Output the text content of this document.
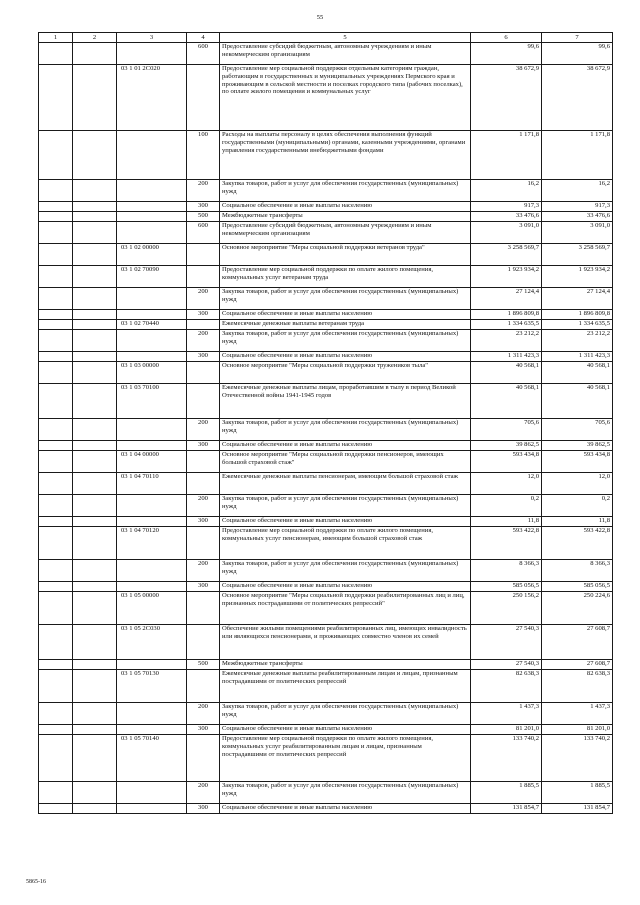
55
1	2	3	4	5	6	7
			600	Предоставление субсидий бюджетным, автономным учреждениям и иным некоммерческим организациям	99,6	99,6
		03 1 01 2С020		Предоставление мер социальной поддержки отдельным категориям граждан, работающим в государственных и муниципальных учреждениях Пермского края и проживающим в сельской местности и поселках городского типа (рабочих поселках), по оплате жилого помещения и коммунальных услуг	38 672,9	38 672,9
			100	Расходы на выплаты персоналу в целях обеспечения выполнения функций государственными (муниципальными) органами, казенными учреждениями, органами управления государственными внебюджетными фондами	1 171,8	1 171,8
			200	Закупка товаров, работ и услуг для обеспечения государственных (муниципальных) нужд	16,2	16,2
			300	Социальное обеспечение и иные выплаты населению	917,3	917,3
			500	Межбюджетные трансферты	33 476,6	33 476,6
			600	Предоставление субсидий бюджетным, автономным учреждениям и иным некоммерческим организациям	3 091,0	3 091,0
		03 1 02 00000		Основное мероприятие "Меры социальной поддержки ветеранов труда"	3 258 569,7	3 258 569,7
		03 1 02 70090		Предоставление мер социальной поддержки по оплате жилого помещения, коммунальных услуг ветеранам труда	1 923 934,2	1 923 934,2
			200	Закупка товаров, работ и услуг для обеспечения государственных (муниципальных) нужд	27 124,4	27 124,4
			300	Социальное обеспечение и иные выплаты населению	1 896 809,8	1 896 809,8
		03 1 02 70440		Ежемесячные денежные выплаты ветеранам труда	1 334 635,5	1 334 635,5
			200	Закупка товаров, работ и услуг для обеспечения государственных (муниципальных) нужд	23 212,2	23 212,2
			300	Социальное обеспечение и иные выплаты населению	1 311 423,3	1 311 423,3
		03 1 03 00000		Основное мероприятие "Меры социальной поддержки тружеников тыла"	40 568,1	40 568,1
		03 1 03 70100		Ежемесячные денежные выплаты лицам, проработавшим в тылу в период Великой Отечественной войны 1941-1945 годов	40 568,1	40 568,1
			200	Закупка товаров, работ и услуг для обеспечения государственных (муниципальных) нужд	705,6	705,6
			300	Социальное обеспечение и иные выплаты населению	39 862,5	39 862,5
		03 1 04 00000		Основное мероприятие "Меры социальной поддержки пенсионеров, имеющих большой страховой стаж"	593 434,8	593 434,8
		03 1 04 70110		Ежемесячные денежные выплаты пенсионерам, имеющим большой страховой стаж	12,0	12,0
			200	Закупка товаров, работ и услуг для обеспечения государственных (муниципальных) нужд	0,2	0,2
			300	Социальное обеспечение и иные выплаты населению	11,8	11,8
		03 1 04 70120		Предоставление мер социальной поддержки по оплате жилого помещения, коммунальных услуг пенсионерам, имеющим большой страховой стаж	593 422,8	593 422,8
			200	Закупка товаров, работ и услуг для обеспечения государственных (муниципальных) нужд	8 366,3	8 366,3
			300	Социальное обеспечение и иные выплаты населению	585 056,5	585 056,5
		03 1 05 00000		Основное мероприятие "Меры социальной поддержки реабилитированных лиц и лиц, признанных пострадавшими от политических репрессий"	250 156,2	250 224,6
		03 1 05 2С030		Обеспечение жилыми помещениями реабилитированных лиц, имеющих инвалидность или являющихся пенсионерами, и проживающих совместно членов их семей	27 540,3	27 608,7
			500	Межбюджетные трансферты	27 540,3	27 608,7
		03 1 05 70130		Ежемесячные денежные выплаты реабилитированным лицам и лицам, признанным пострадавшими от политических репрессий	82 638,3	82 638,3
			200	Закупка товаров, работ и услуг для обеспечения государственных (муниципальных) нужд	1 437,3	1 437,3
			300	Социальное обеспечение и иные выплаты населению	81 201,0	81 201,0
		03 1 05 70140		Предоставление мер социальной поддержки по оплате жилого помещения, коммунальных услуг реабилитированным лицам и лицам, признанным пострадавшими от политических репрессий	133 740,2	133 740,2
			200	Закупка товаров, работ и услуг для обеспечения государственных (муниципальных) нужд	1 885,5	1 885,5
			300	Социальное обеспечение и иные выплаты населению	131 854,7	131 854,7
5865-16
